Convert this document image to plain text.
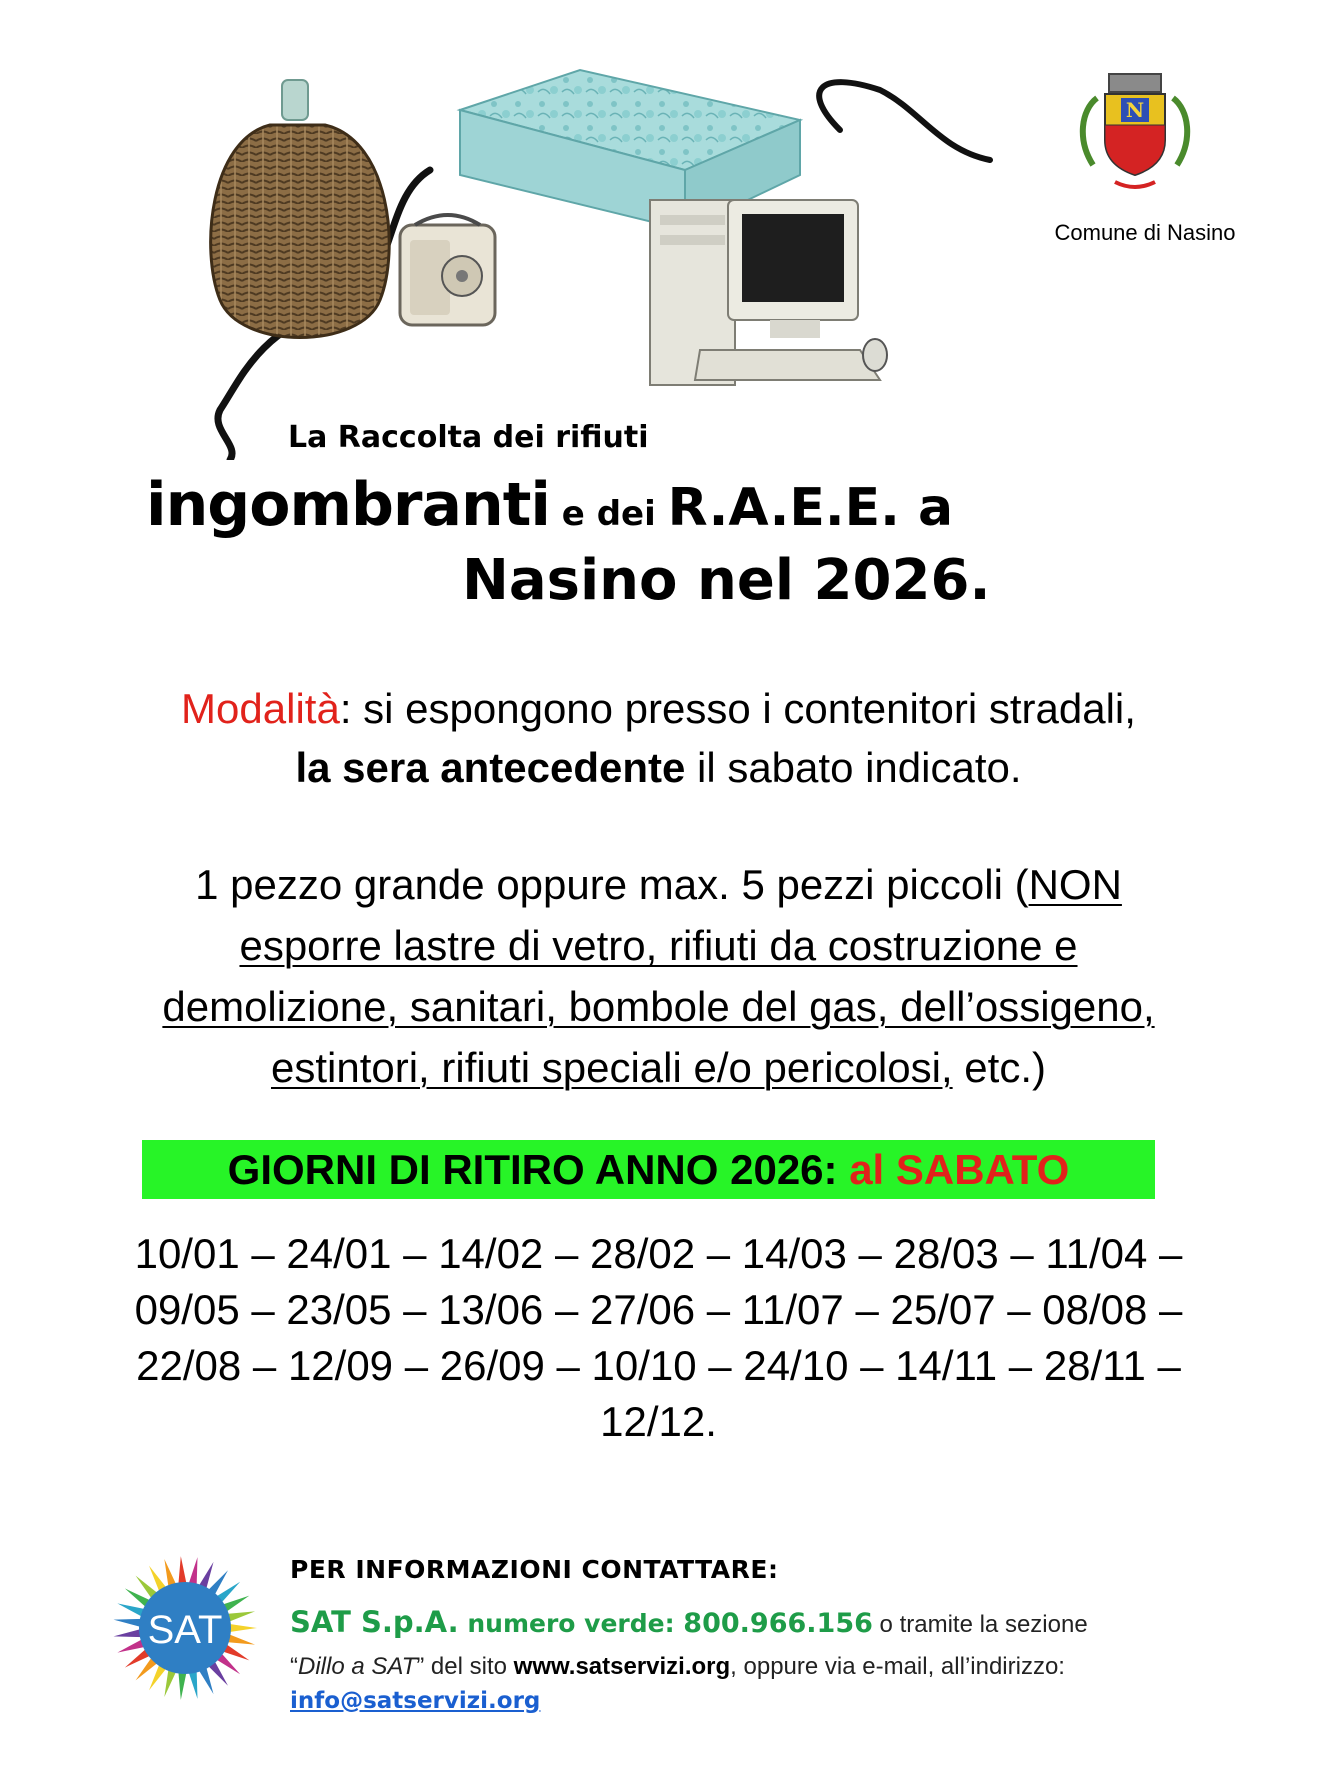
N
Comune di Nasino
La Raccolta dei rifiuti
ingombranti e dei R.A.E.E. a
Nasino nel 2026.
Modalità: si espongono presso i contenitori stradali,
la sera antecedente il sabato indicato.
1 pezzo grande oppure max. 5 pezzi piccoli (NON
esporre lastre di vetro, rifiuti da costruzione e
demolizione, sanitari, bombole del gas, dell’ossigeno,
estintori, rifiuti speciali e/o pericolosi, etc.)
GIORNI DI RITIRO ANNO 2026: al SABATO
10/01 – 24/01 – 14/02 – 28/02 – 14/03 – 28/03 – 11/04 –
09/05 – 23/05 – 13/06 – 27/06 – 11/07 – 25/07 – 08/08 –
22/08 – 12/09 – 26/09 – 10/10 – 24/10 – 14/11 – 28/11 –
12/12.
SAT
PER INFORMAZIONI CONTATTARE:
SAT S.p.A. numero verde: 800.966.156 o tramite la sezione
“Dillo a SAT” del sito www.satservizi.org, oppure via e-mail, all’indirizzo:
info@satservizi.org
